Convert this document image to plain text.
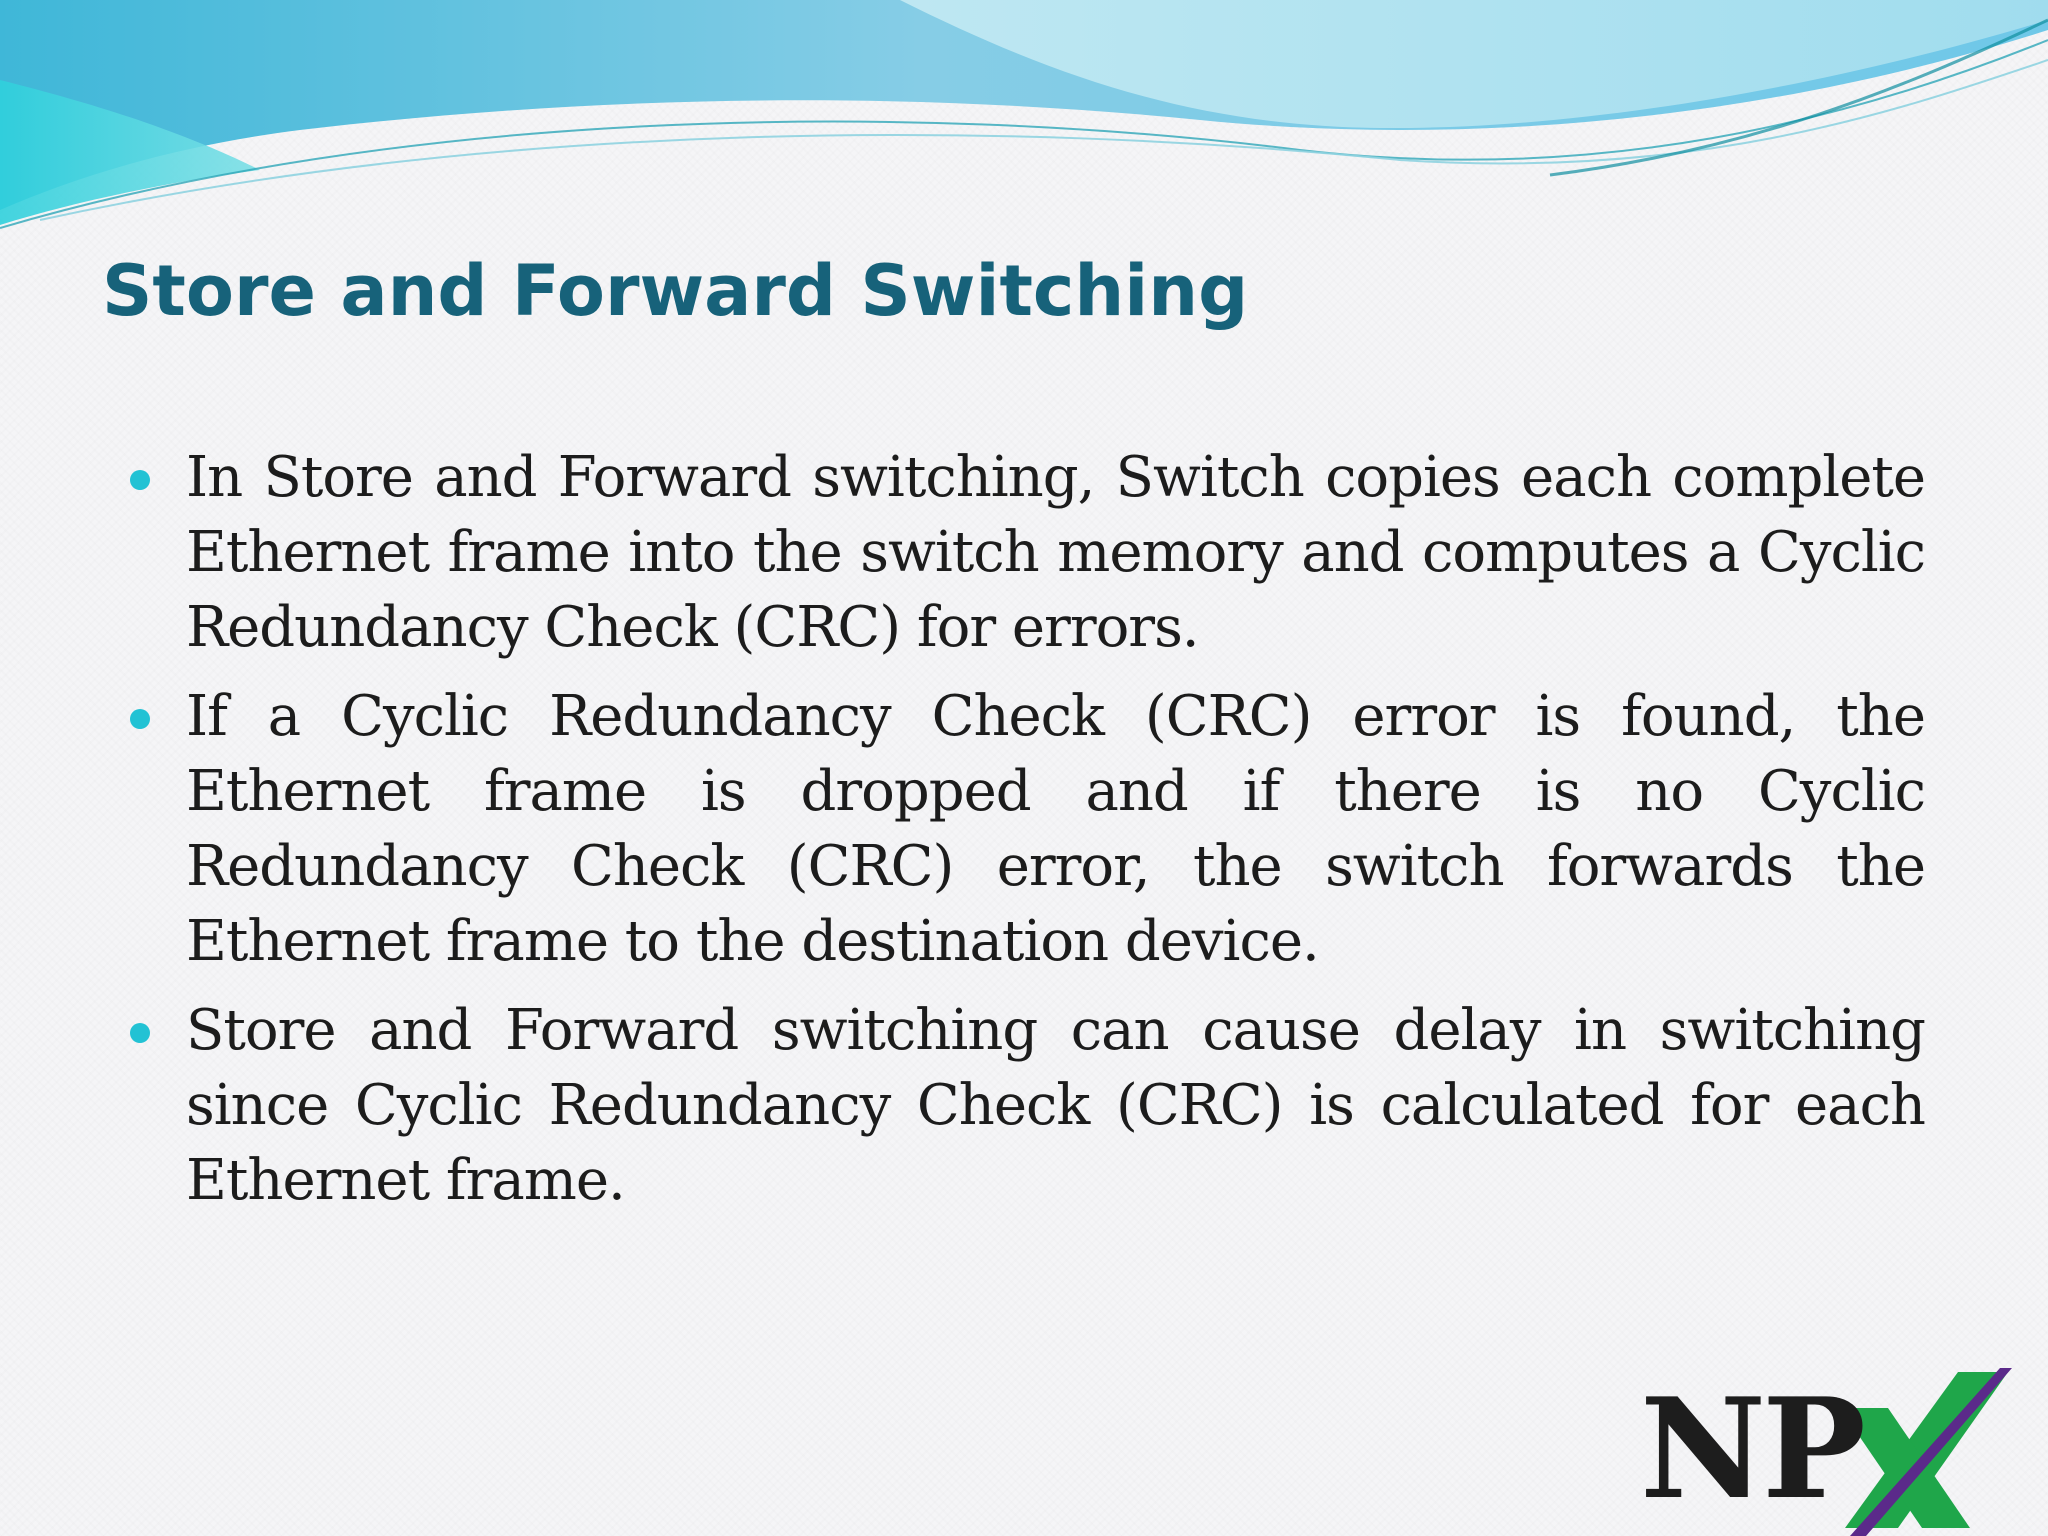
Store and Forward Switching
In Store and Forward switching, Switch copies each complete Ethernet frame into the switch memory and computes a Cyclic Redundancy Check (CRC) for errors.
If a Cyclic Redundancy Check (CRC) error is found, the Ethernet frame is dropped and if there is no Cyclic Redundancy Check (CRC) error, the switch forwards the Ethernet frame to the destination device.
Store and Forward switching can cause delay in switching since Cyclic Redundancy Check (CRC) is calculated for each Ethernet frame.
NP
